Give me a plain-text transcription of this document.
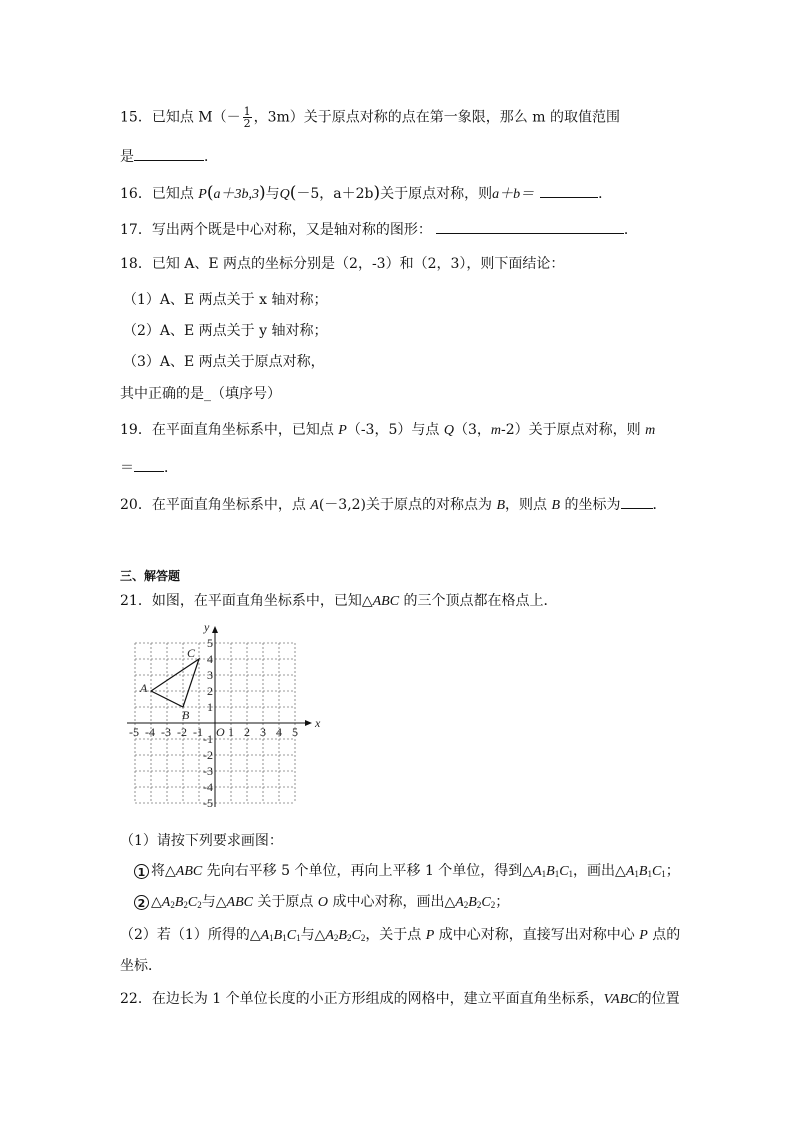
15．已知点 $M(- \frac{1}{2}$ ，3m）关于原点对称的点在第一象限，那么 m 的取值范围
是	．
16．已知点 P(a＋3b,3)与Q(－5，a＋2b)关于原点对称，则a＋b＝	．
17．写出两个既是中心对称，又是轴对称的图形：	．
18．已知 A、E 两点的坐标分别是（2，-3）和（2，3），则下面结论：
（1）A、E 两点关于 x 轴对称；
（2）A、E 两点关于 y 轴对称；
（3）A、E 两点关于原点对称，
其中正确的是_（填序号）
19．在平面直角坐标系中，已知点 P（-3，5）与点 Q（3，m-2）关于原点对称，则 m
＝ ．
20．在平面直角坐标系中，点 A(－3,2)关于原点的对称点为 B，则点 B 的坐标为 ．
三、解答题
21．如图，在平面直角坐标系中，已知△ABC 的三个顶点都在格点上．
x
y
O
-5 -4 -3 -2 -1 1 2 3 4 5
5
4
3
2
1
-1
-2
-3
-4
-5
A
B
C
（1）请按下列要求画图：
1 将△ABC 先向右平移 5 个单位，再向上平移 1 个单位，得到$\triangle A_1B_1C_1$，画出$\triangle A_1B_1C_1$；
2 $\triangle A_2B_2C_2$与△ABC 关于原点 O 成中心对称，画出$\triangle A_2B_2C_2$；
（2）若（1）所得的$\triangle A_1B_1C_1$与$\triangle A_2B_2C_2$，关于点 P 成中心对称，直接写出对称中心 P 点的
坐标．
22．在边长为 1 个单位长度的小正方形组成的网格中，建立平面直角坐标系，VABC的位置
